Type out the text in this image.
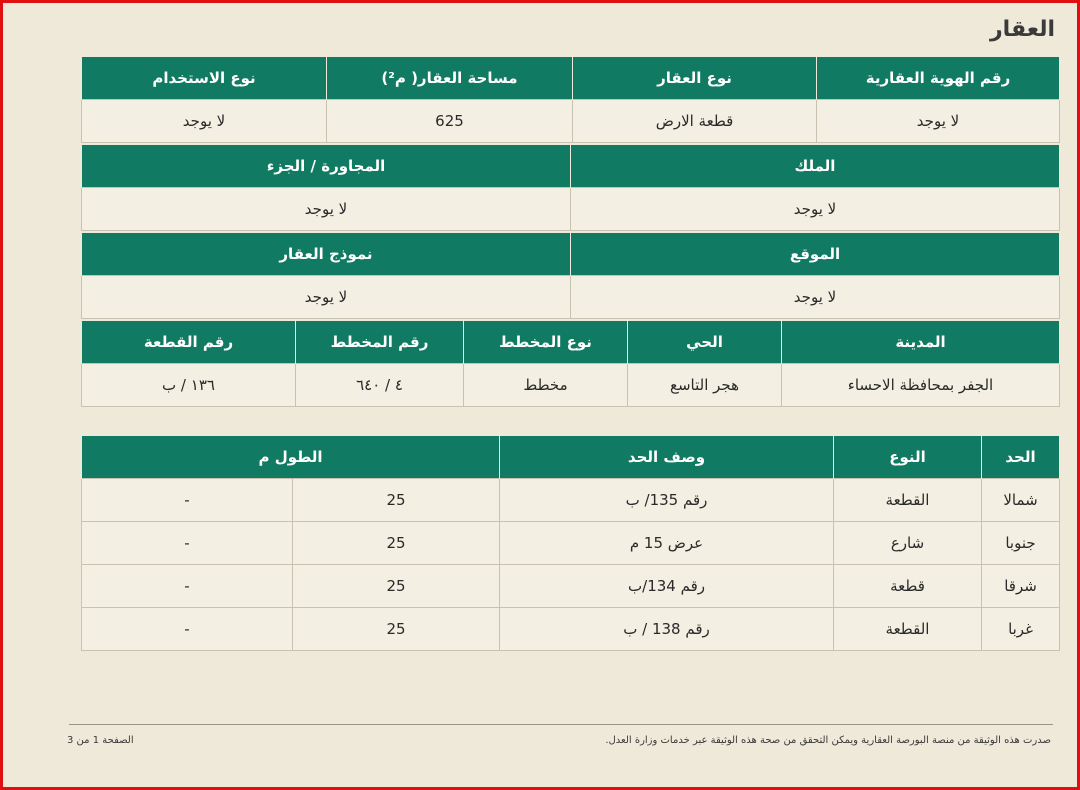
العقار
رقم الهوية العقارية	نوع العقار	مساحة العقار( م²)	نوع الاستخدام
لا يوجد	قطعة الارض	625	لا يوجد
الملك	المجاورة / الجزء
لا يوجد	لا يوجد
الموقع	نموذج العقار
لا يوجد	لا يوجد
المدينة	الحي	نوع المخطط	رقم المخطط	رقم القطعة
الجفر بمحافظة الاحساء	هجر التاسع	مخطط	٤ / ٦٤٠	١٣٦ / ب
الحد	النوع	وصف الحد	الطول م	
شمالا	القطعة	رقم 135/ ب	25	-
جنوبا	شارع	عرض 15 م	25	-
شرقا	قطعة	رقم 134/ب	25	-
غربا	القطعة	رقم 138 / ب	25	-
صدرت هذه الوثيقة من منصة البورصة العقارية ويمكن التحقق من صحة هذه الوثيقة عبر خدمات وزارة العدل.
الصفحة 1 من 3
